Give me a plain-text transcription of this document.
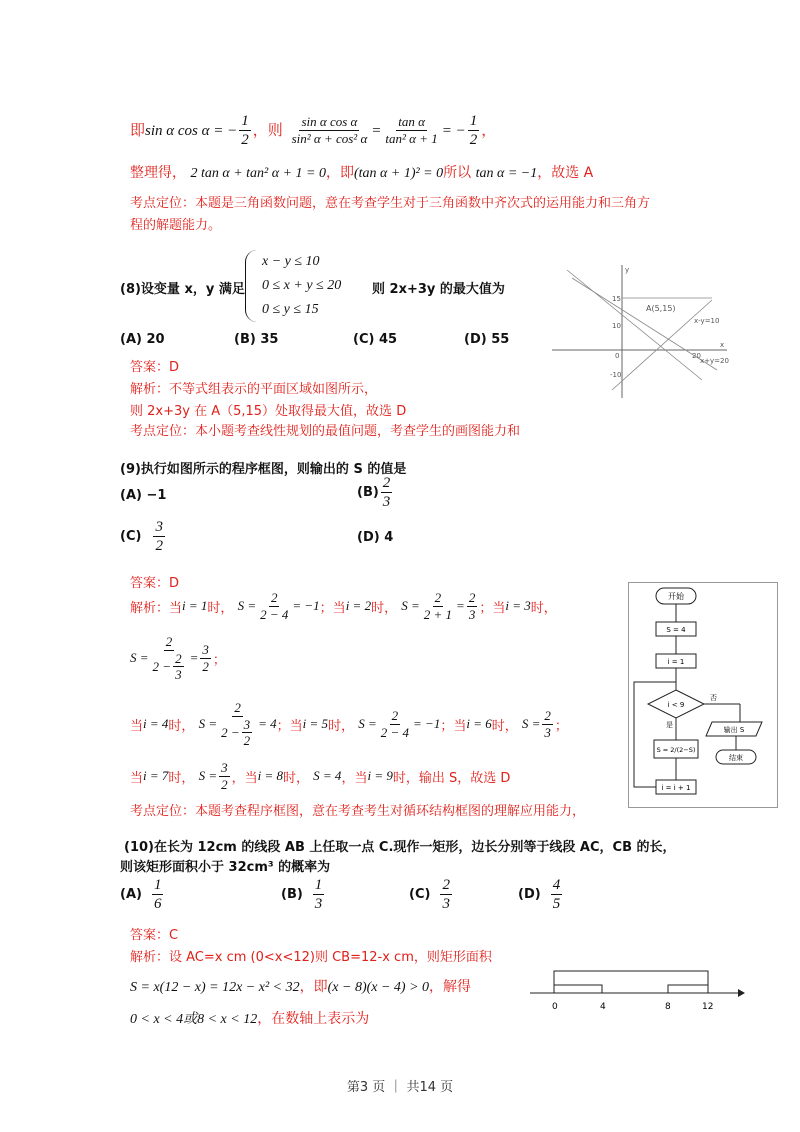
即sin α cos α = − $\frac{1}{2}$ ，则 $\frac{\text{sin α cos α}}{\text{sin² α + cos² α}} = \frac{\text{tan α}}{\text{tan² α + 1}}$ = − $\frac{1}{2}$ ，
整理得， 2 tan α + tan² α + 1 = 0，即(tan α + 1)² = 0所以 tan α = −1，故选 A
考点定位：本题是三角函数问题，意在考查学生对于三角函数中齐次式的运用能力和三角方
程的解题能力。
(8)设变量 x，y 满足
x − y ≤ 10
0 ≤ x + y ≤ 20
0 ≤ y ≤ 15
则 2x+3y 的最大值为
(A) 20	(B) 35	(C) 45	(D) 55
答案：D
解析：不等式组表示的平面区域如图所示，
则 2x+3y 在 A（5,15）处取得最大值，故选 D
考点定位：本小题考查线性规划的最值问题，考查学生的画图能力和
A(5,15)
x-y=10
x+y=20
15
10
0
-10
20
x
y
(9)执行如图所示的程序框图，则输出的 S 的值是
(A) −1	$(B) \frac{2}{3}$
$(C) \frac{3}{2}$	(D) 4
答案：D
解析：当 i = 1 时，
$S = \frac{2}{2 - 4} = -1$ ；当 i = 2 时，
$S = \frac{2}{2 + 1} = \frac{2}{3}$ ；当 i = 3 时，
$S = \frac{2}{2 - \frac{2}{3}} = \frac{3}{2}$ ；
当 i = 4 时，
$S = \frac{2}{2 - \frac{3}{2}} = 4$ ；当 i = 5 时，
$S = \frac{2}{2 - 4} = -1$ ；当 i = 6 时，
$S = \frac{2}{3}$ ；
当 i = 7 时，
$S = \frac{3}{2}$ ，当 i = 8 时，
S = 4 ，当 i = 9 时，输出 S，故选 D
考点定位：本题考查程序框图，意在考查考生对循环结构框图的理解应用能力，
开始
S = 4
i = 1
i < 9
否
输出 S
结束
是
S = 2/(2−S)
i = i + 1
(10)在长为 12cm 的线段 AB 上任取一点 C.现作一矩形，边长分别等于线段 AC，CB 的长，
则该矩形面积小于 32cm³ 的概率为
$(A) \frac{1}{6}$	$(B) \frac{1}{3}$	$(C) \frac{2}{3}$	$(D) \frac{4}{5}$
答案：C
解析：设 AC=x cm (0<x<12)则 CB=12-x cm，则矩形面积
S = x(12 − x) = 12x − x² < 32，即(x − 8)(x − 4) > 0，解得
0 < x < 4或8 < x < 12，在数轴上表示为
0	4	8	12
第3 页 ｜ 共14 页
